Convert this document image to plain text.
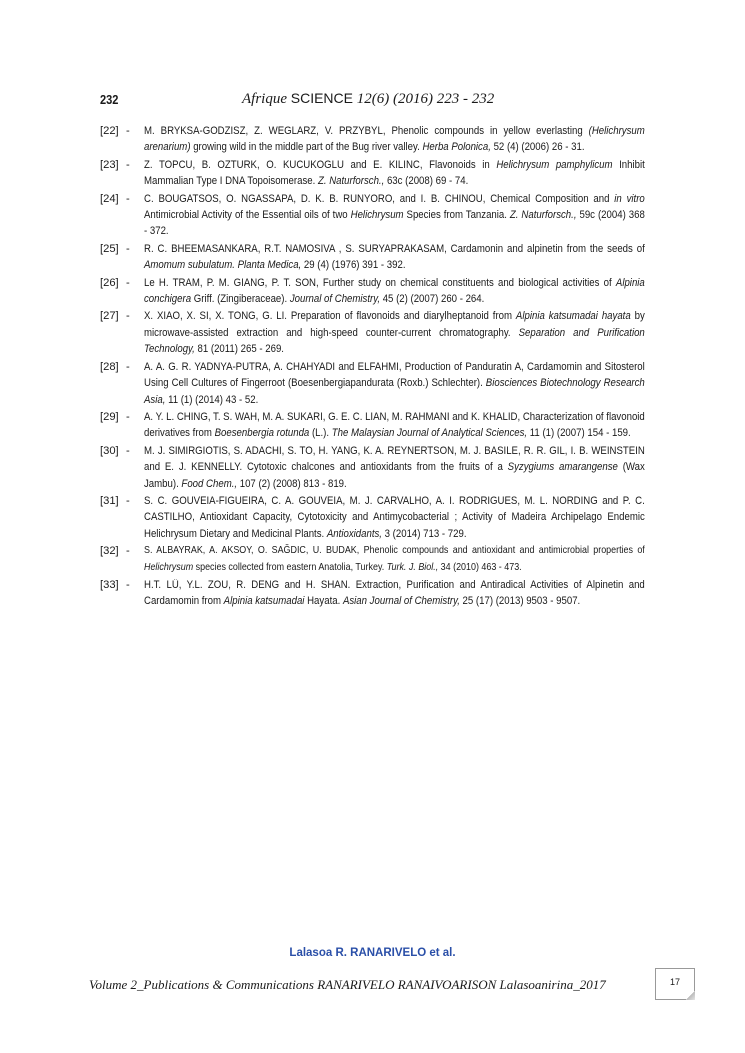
232	Afrique SCIENCE 12(6) (2016) 223 - 232
[22] - M. BRYKSA-GODZISZ, Z. WEGLARZ, V. PRZYBYL, Phenolic compounds in yellow everlasting (Helichrysum arenarium) growing wild in the middle part of the Bug river valley. Herba Polonica, 52 (4) (2006) 26 - 31.
[23] - Z. TOPCU, B. OZTURK, O. KUCUKOGLU and E. KILINC, Flavonoids in Helichrysum pamphylicum Inhibit Mammalian Type I DNA Topoisomerase. Z. Naturforsch., 63c (2008) 69 - 74.
[24] - C. BOUGATSOS, O. NGASSAPA, D. K. B. RUNYORO, and I. B. CHINOU, Chemical Composition and in vitro Antimicrobial Activity of the Essential oils of two Helichrysum Species from Tanzania. Z. Naturforsch., 59c (2004) 368 - 372.
[25] - R. C. BHEEMASANKARA, R.T. NAMOSIVA , S. SURYAPRAKASAM, Cardamonin and alpinetin from the seeds of Amomum subulatum. Planta Medica, 29 (4) (1976) 391 - 392.
[26] - Le H. TRAM, P. M. GIANG, P. T. SON, Further study on chemical constituents and biological activities of Alpinia conchigera Griff. (Zingiberaceae). Journal of Chemistry, 45 (2) (2007) 260 - 264.
[27] - X. XIAO, X. SI, X. TONG, G. LI. Preparation of flavonoids and diarylheptanoid from Alpinia katsumadai hayata by microwave-assisted extraction and high-speed counter-current chromatography. Separation and Purification Technology, 81 (2011) 265 - 269.
[28] - A. A. G. R. YADNYA-PUTRA, A. CHAHYADI and ELFAHMI, Production of Panduratin A, Cardamomin and Sitosterol Using Cell Cultures of Fingerroot (Boesenbergiapandurata (Roxb.) Schlechter). Biosciences Biotechnology Research Asia, 11 (1) (2014) 43 - 52.
[29] - A. Y. L. CHING, T. S. WAH, M. A. SUKARI, G. E. C. LIAN, M. RAHMANI and K. KHALID, Characterization of flavonoid derivatives from Boesenbergia rotunda (L.). The Malaysian Journal of Analytical Sciences, 11 (1) (2007) 154 - 159.
[30] - M. J. SIMIRGIOTIS, S. ADACHI, S. TO, H. YANG, K. A. REYNERTSON, M. J. BASILE, R. R. GIL, I. B. WEINSTEIN and E. J. KENNELLY. Cytotoxic chalcones and antioxidants from the fruits of a Syzygiums amarangense (Wax Jambu). Food Chem., 107 (2) (2008) 813 - 819.
[31] - S. C. GOUVEIA-FIGUEIRA, C. A. GOUVEIA, M. J. CARVALHO, A. I. RODRIGUES, M. L. NORDING and P. C. CASTILHO, Antioxidant Capacity, Cytotoxicity and Antimycobacterial ; Activity of Madeira Archipelago Endemic Helichrysum Dietary and Medicinal Plants. Antioxidants, 3 (2014) 713 - 729.
[32] - S. ALBAYRAK, A. AKSOY, O. SAĞDIC, U. BUDAK, Phenolic compounds and antioxidant and antimicrobial properties of Helichrysum species collected from eastern Anatolia, Turkey. Turk. J. Biol., 34 (2010) 463 - 473.
[33] - H.T. LÜ, Y.L. ZOU, R. DENG and H. SHAN. Extraction, Purification and Antiradical Activities of Alpinetin and Cardamomin from Alpinia katsumadai Hayata. Asian Journal of Chemistry, 25 (17) (2013) 9503 - 9507.
Lalasoa R. RANARIVELO et al.
Volume 2_Publications & Communications RANARIVELO RANAIVOARISON Lalasoanirina_2017	17
